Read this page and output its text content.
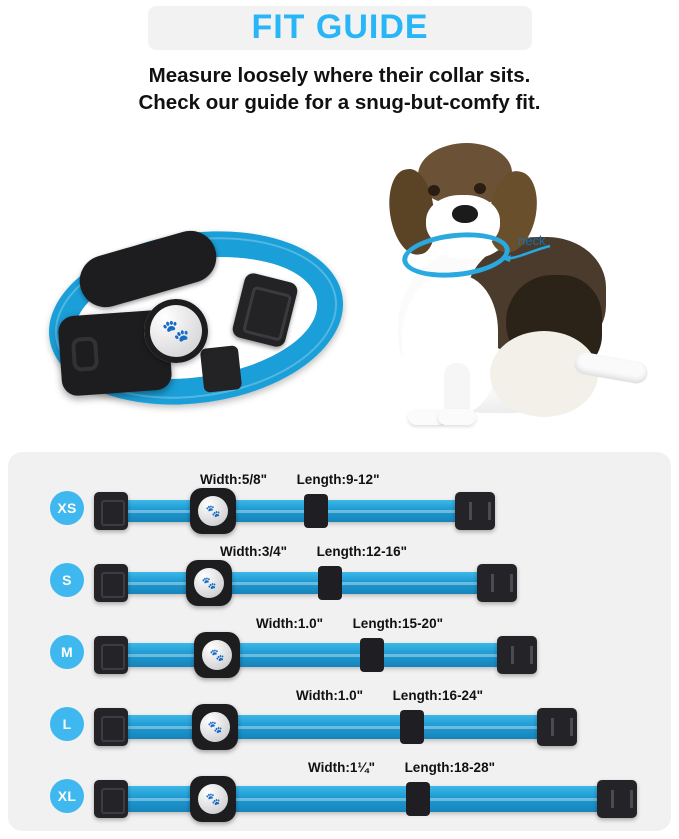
FIT GUIDE
Measure loosely where their collar sits.
Check our guide for a snug-but-comfy fit.
🐾
neck
XS
Width:5/8" Length:9-12"
🐾
S
Width:3/4" Length:12-16"
🐾
M
Width:1.0" Length:15-20"
🐾
L
Width:1.0" Length:16-24"
🐾
XL
Width:1¼" Length:18-28"
🐾
